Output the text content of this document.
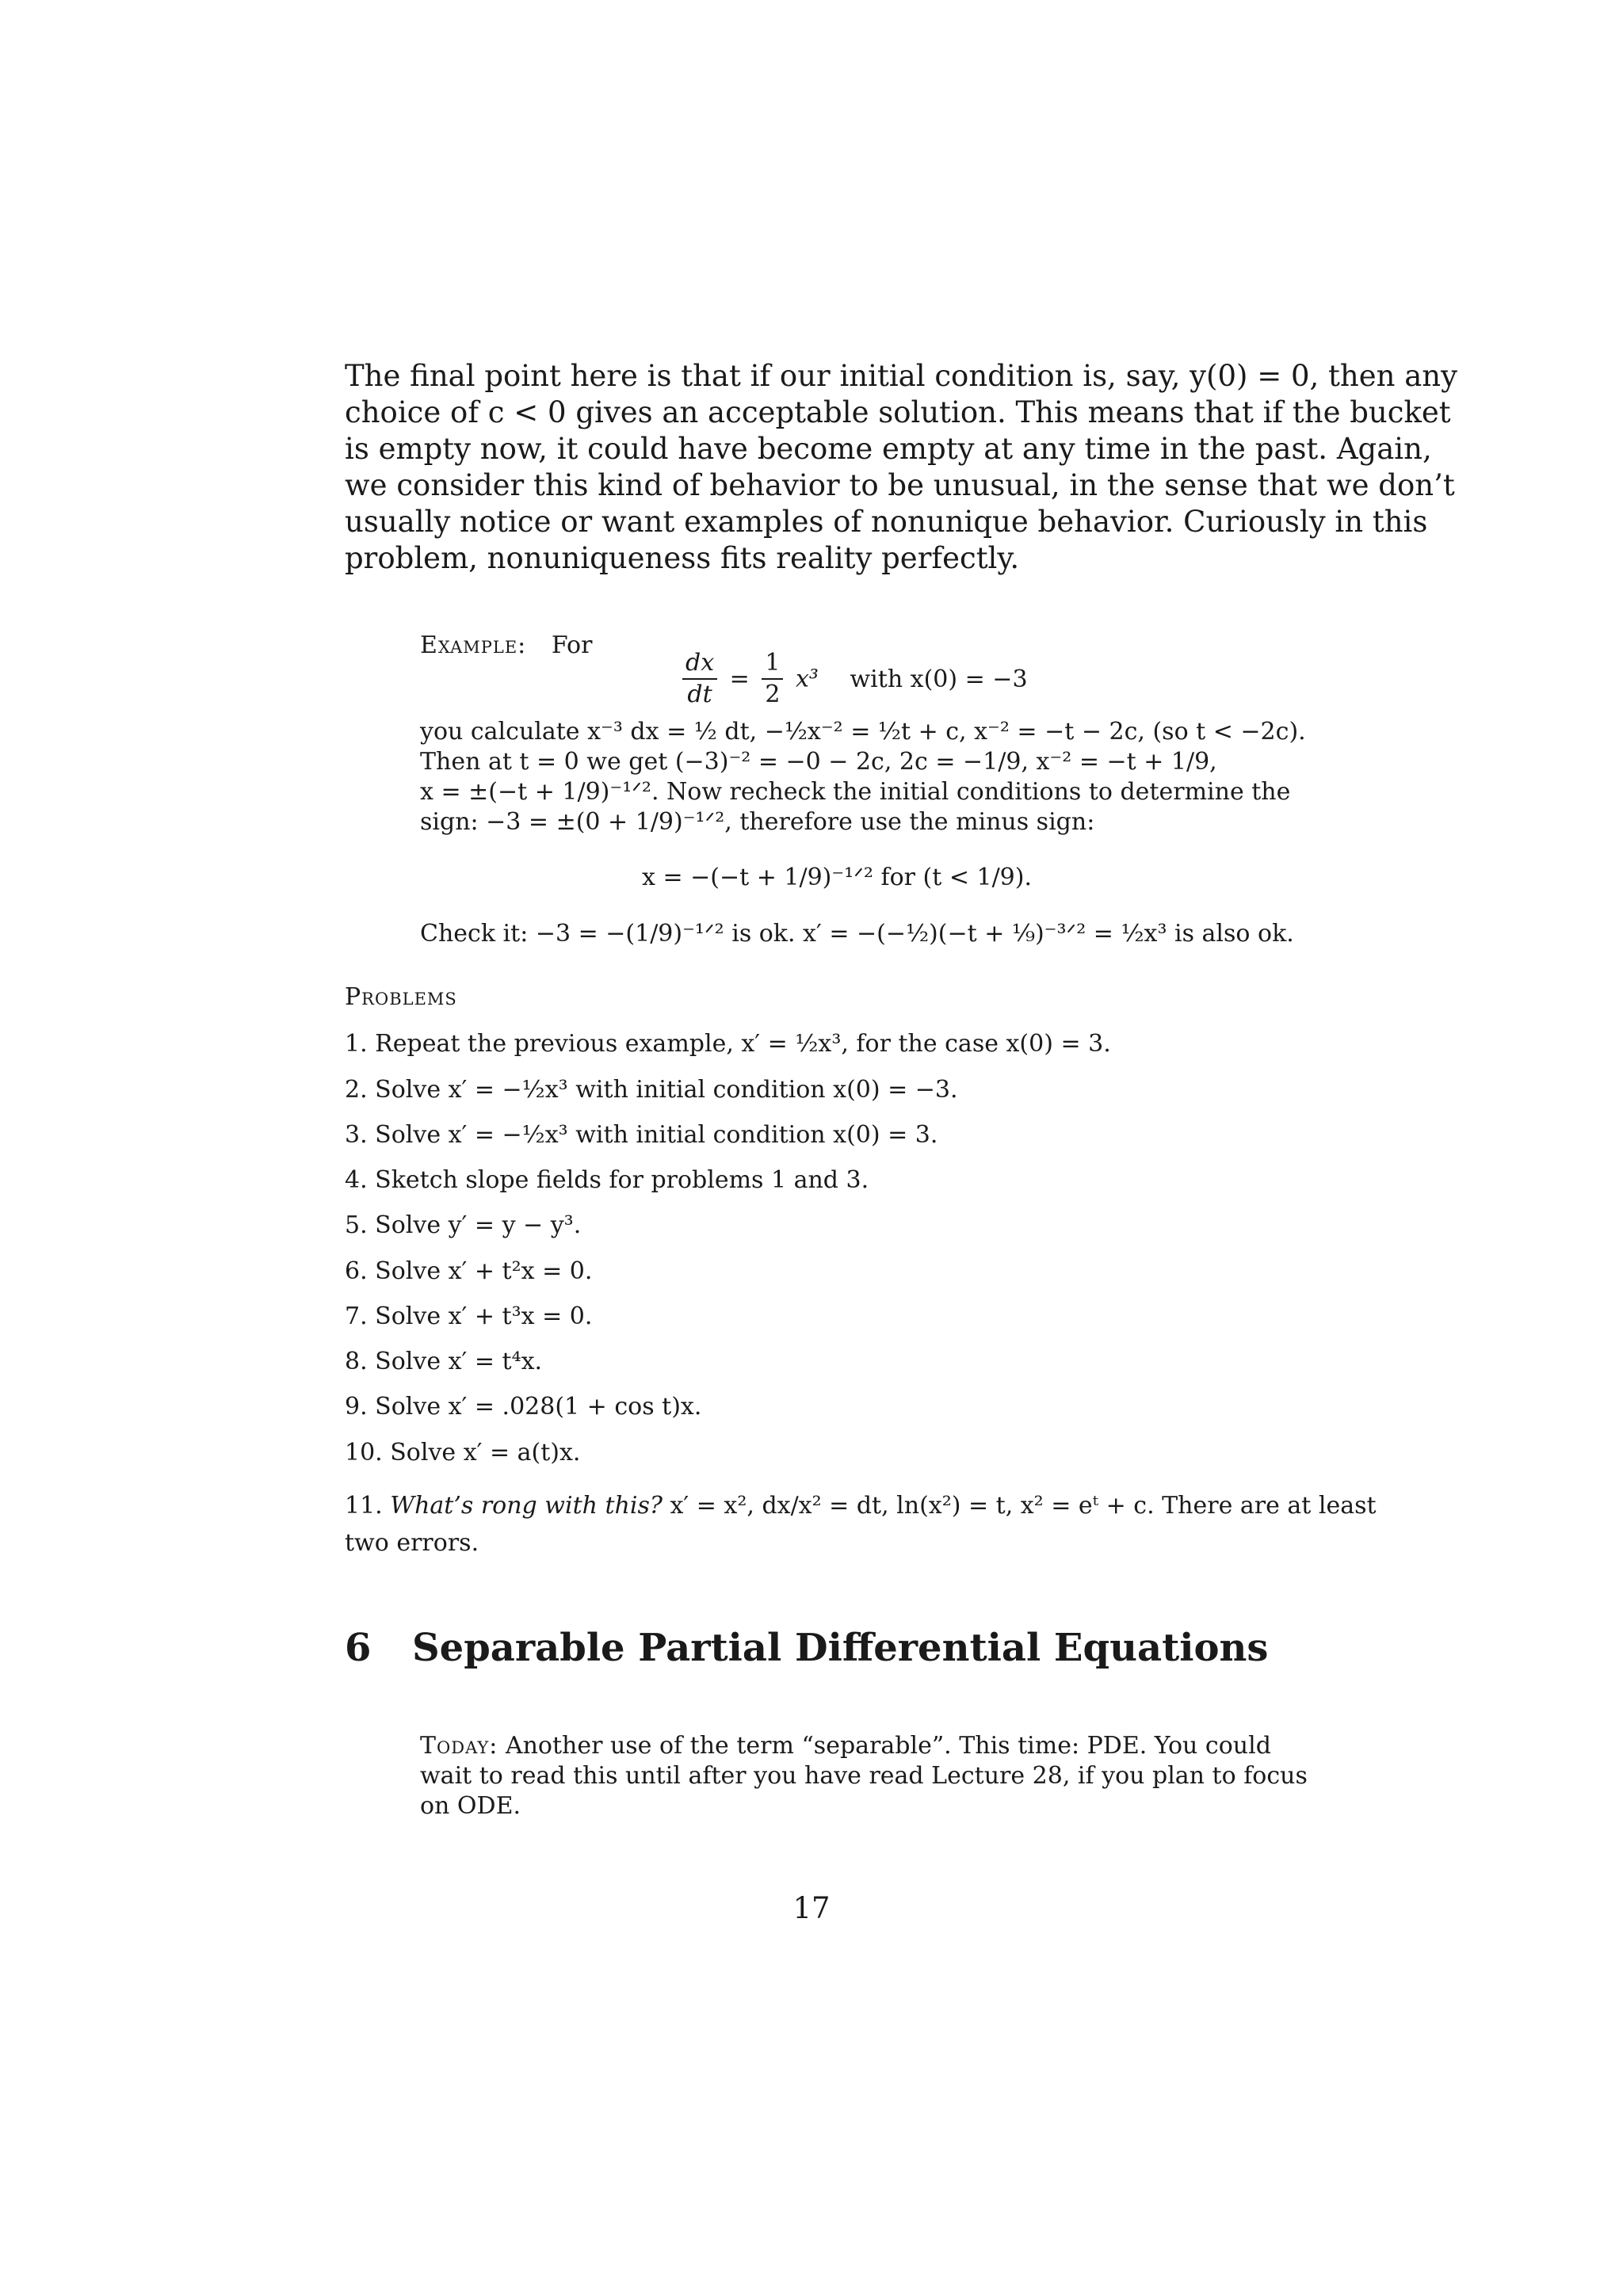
The final point here is that if our initial condition is, say, y(0) = 0, then any
choice of c < 0 gives an acceptable solution. This means that if the bucket
is empty now, it could have become empty at any time in the past. Again,
we consider this kind of behavior to be unusual, in the sense that we don’t
usually notice or want examples of nonunique behavior. Curiously in this
problem, nonuniqueness fits reality perfectly.
Example: For
$\frac{dx}{dt} = \frac{1}{2} x^3$ with x(0) = −3
you calculate x⁻³ dx = ½ dt, −½x⁻² = ½t + c, x⁻² = −t − 2c, (so t < −2c).
Then at t = 0 we get (−3)⁻² = −0 − 2c, 2c = −1/9, x⁻² = −t + 1/9,
x = ±(−t + 1/9)⁻¹ᐟ². Now recheck the initial conditions to determine the
sign: −3 = ±(0 + 1/9)⁻¹ᐟ², therefore use the minus sign:
x = −(−t + 1/9)⁻¹ᐟ² for (t < 1/9).
Check it: −3 = −(1/9)⁻¹ᐟ² is ok. x′ = −(−½)(−t + ⅑)⁻³ᐟ² = ½x³ is also ok.
Problems
1. Repeat the previous example, x′ = ½x³, for the case x(0) = 3.
2. Solve x′ = −½x³ with initial condition x(0) = −3.
3. Solve x′ = −½x³ with initial condition x(0) = 3.
4. Sketch slope fields for problems 1 and 3.
5. Solve y′ = y − y³.
6. Solve x′ + t²x = 0.
7. Solve x′ + t³x = 0.
8. Solve x′ = t⁴x.
9. Solve x′ = .028(1 + cos t)x.
10. Solve x′ = a(t)x.
11. What’s rong with this? x′ = x², dx/x² = dt, ln(x²) = t, x² = eᵗ + c. There are at least
two errors.
6 Separable Partial Differential Equations
Today: Another use of the term “separable”. This time: PDE. You could
wait to read this until after you have read Lecture 28, if you plan to focus
on ODE.
17
